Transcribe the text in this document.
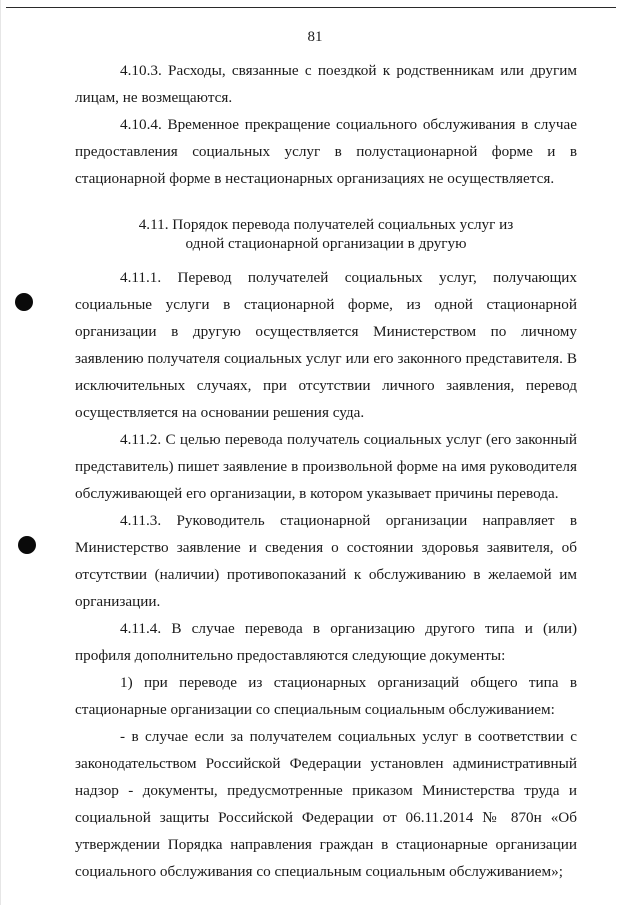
81

4.10.3. Расходы, связанные с поездкой к родственникам или другим лицам, не возмещаются.

4.10.4. Временное прекращение социального обслуживания в случае предоставления социальных услуг в полустационарной форме и в стационарной форме в нестационарных организациях не осуществляется.

4.11. Порядок перевода получателей социальных услуг из
одной стационарной организации в другую

4.11.1. Перевод получателей социальных услуг, получающих социальные услуги в стационарной форме, из одной стационарной организации в другую осуществляется Министерством по личному заявлению получателя социальных услуг или его законного представителя. В исключительных случаях, при отсутствии личного заявления, перевод осуществляется на основании решения суда.

4.11.2. С целью перевода получатель социальных услуг (его законный представитель) пишет заявление в произвольной форме на имя руководителя обслуживающей его организации, в котором указывает причины перевода.

4.11.3. Руководитель стационарной организации направляет в Министерство заявление и сведения о состоянии здоровья заявителя, об отсутствии (наличии) противопоказаний к обслуживанию в желаемой им организации.

4.11.4. В случае перевода в организацию другого типа и (или) профиля дополнительно предоставляются следующие документы:

1) при переводе из стационарных организаций общего типа в стационарные организации со специальным социальным обслуживанием:

- в случае если за получателем социальных услуг в соответствии с законодательством Российской Федерации установлен административный надзор - документы, предусмотренные приказом Министерства труда и социальной защиты Российской Федерации от 06.11.2014 № 870н «Об утверждении Порядка направления граждан в стационарные организации социального обслуживания со специальным социальным обслуживанием»;
